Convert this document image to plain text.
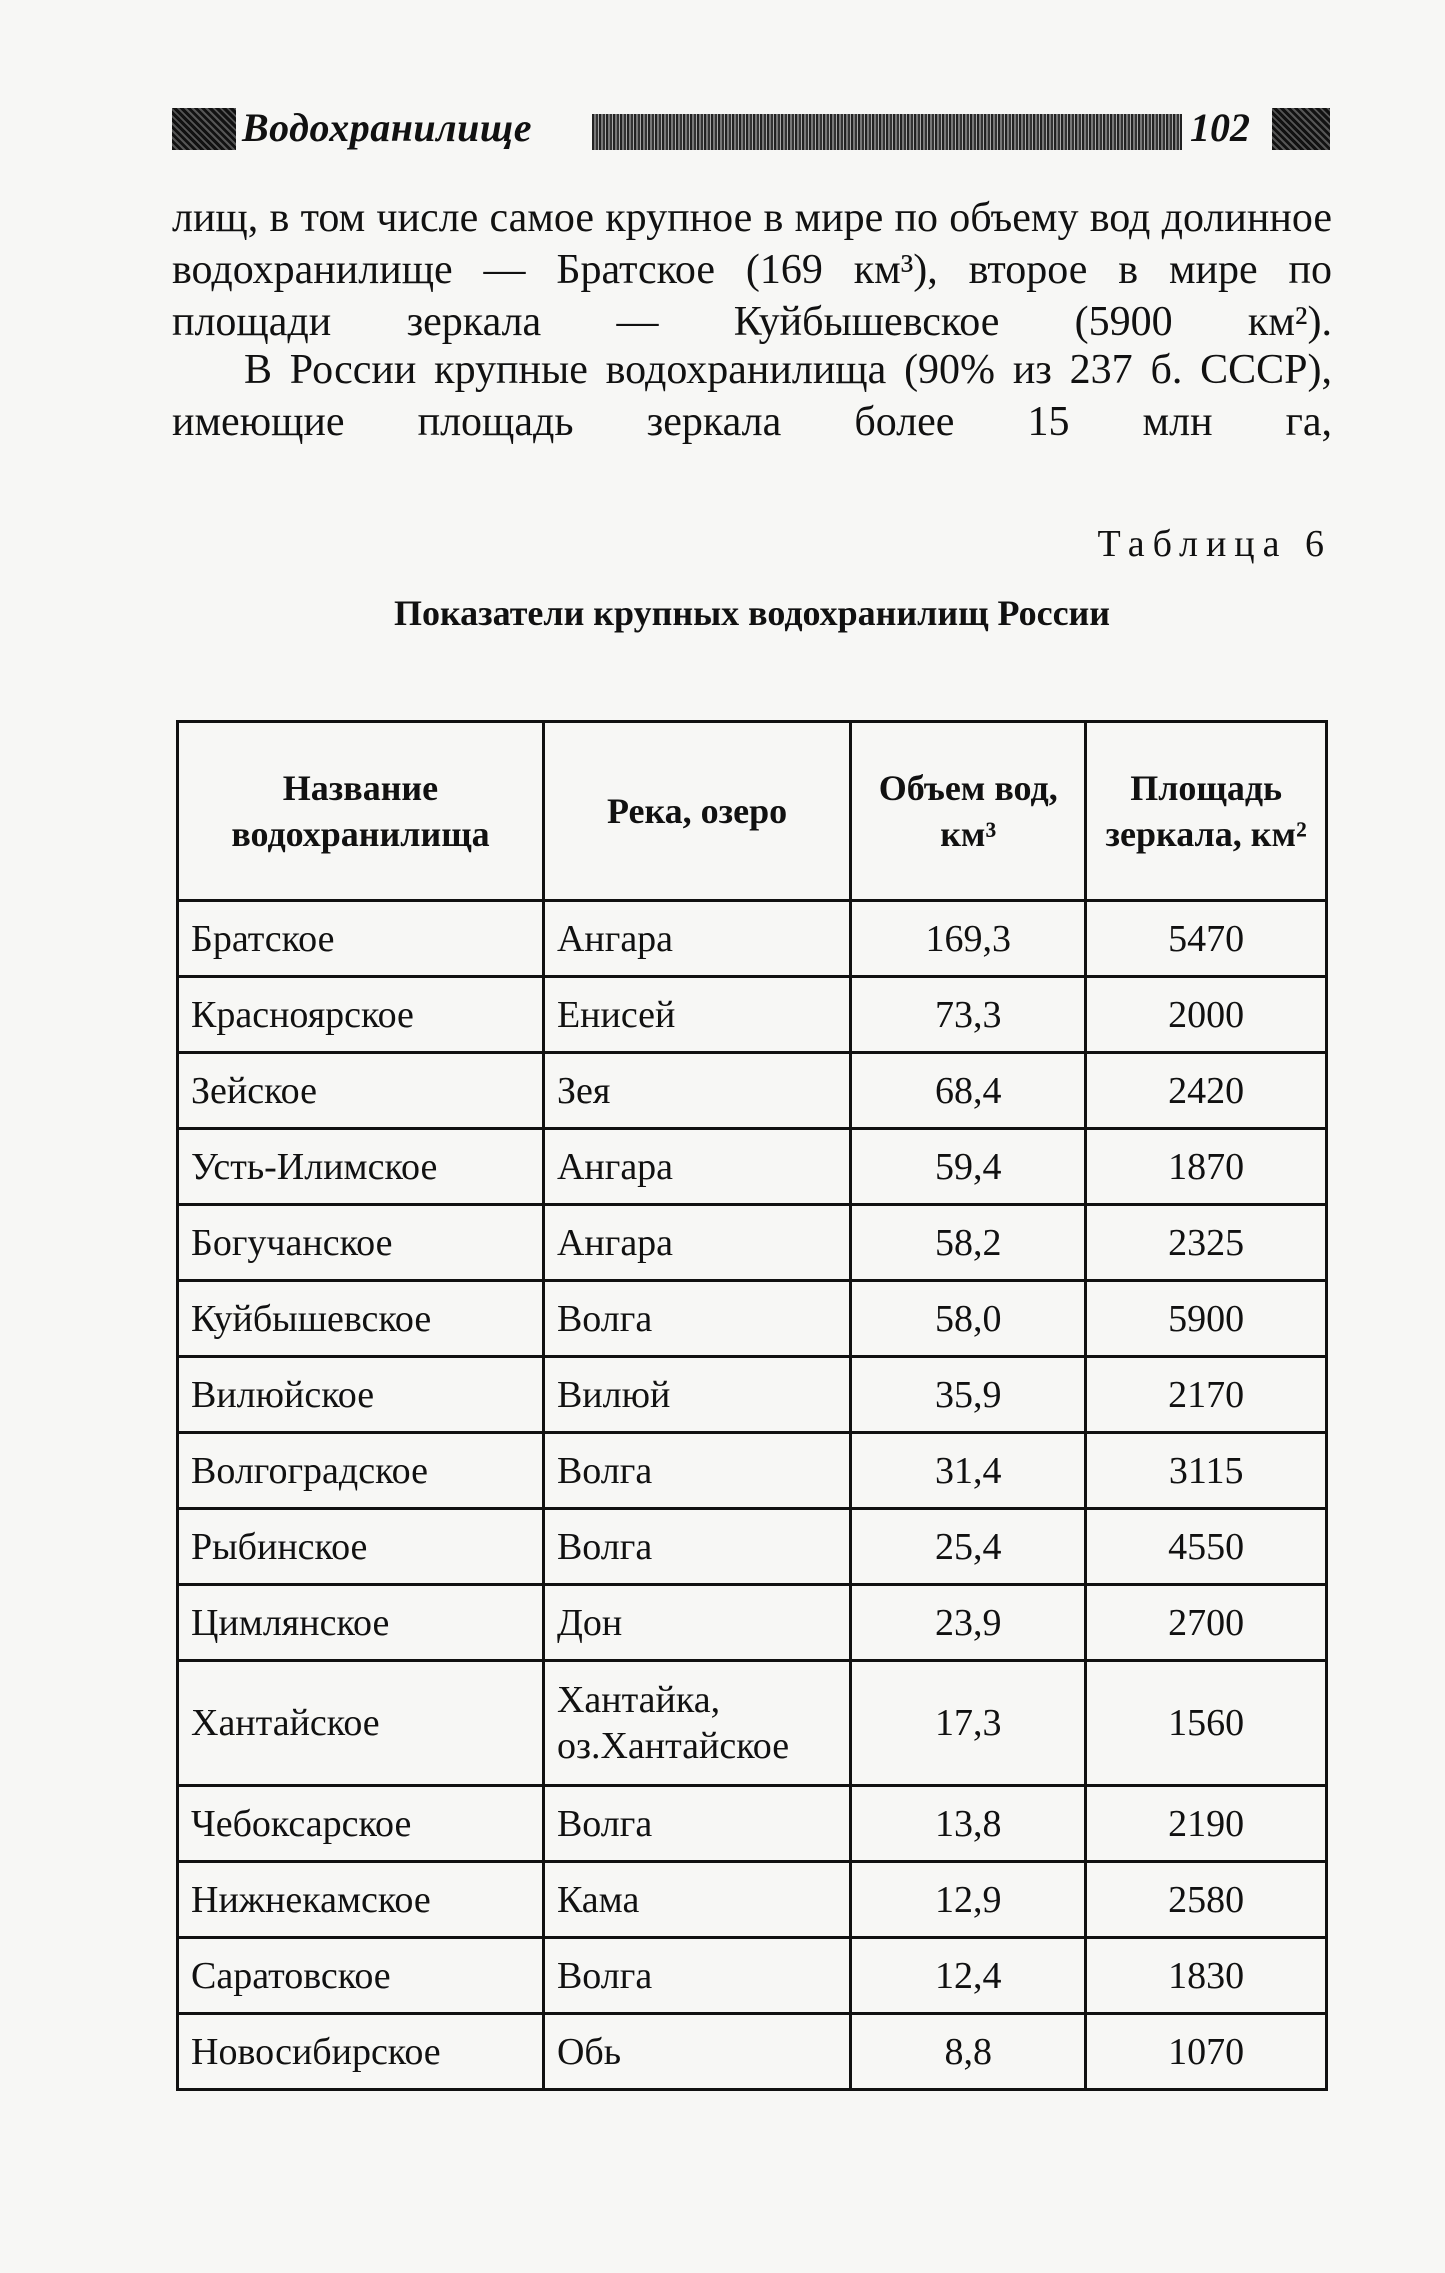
Водохранилище	102
лищ, в том числе самое крупное в мире по объему вод долинное водохранилище — Братское (169 км³), второе в мире по площади зеркала — Куйбышевское (5900 км²).
В России крупные водохранилища (90% из 237 б. СССР), имеющие площадь зеркала более 15 млн га,
Таблица 6
Показатели крупных водохранилищ России
Название водохранилища	Река, озеро	Объем вод, км³	Площадь зеркала, км²
Братское	Ангара	169,3	5470
Красноярское	Енисей	73,3	2000
Зейское	Зея	68,4	2420
Усть-Илимское	Ангара	59,4	1870
Богучанское	Ангара	58,2	2325
Куйбышевское	Волга	58,0	5900
Вилюйское	Вилюй	35,9	2170
Волгоградское	Волга	31,4	3115
Рыбинское	Волга	25,4	4550
Цимлянское	Дон	23,9	2700
Хантайское	Хантайка, оз.Хантайское	17,3	1560
Чебоксарское	Волга	13,8	2190
Нижнекамское	Кама	12,9	2580
Саратовское	Волга	12,4	1830
Новосибирское	Обь	8,8	1070
